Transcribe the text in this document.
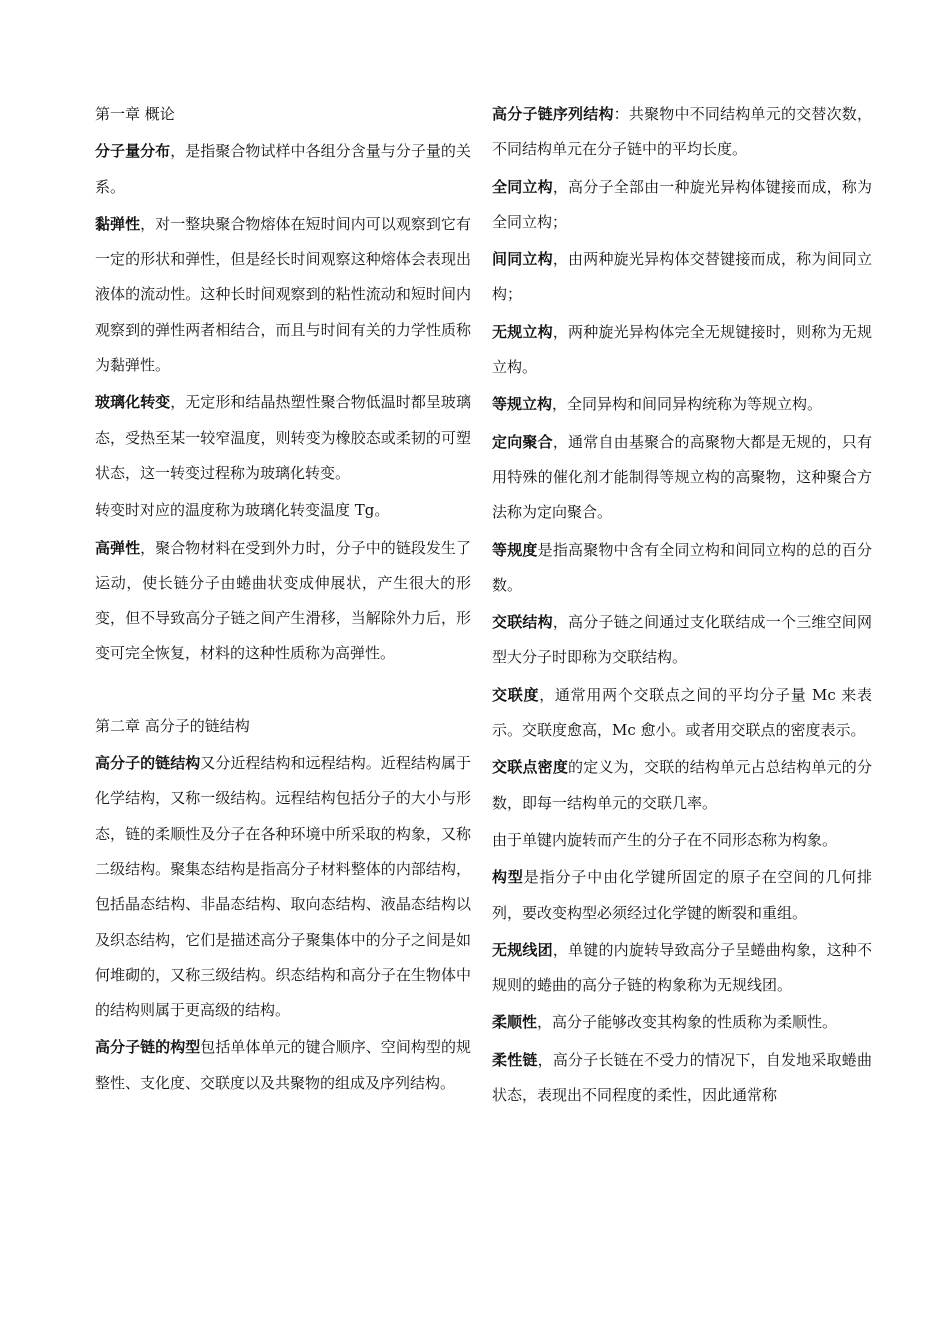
第一章 概论

分子量分布，是指聚合物试样中各组分含量与分子量的关系。

黏弹性，对一整块聚合物熔体在短时间内可以观察到它有一定的形状和弹性，但是经长时间观察这种熔体会表现出液体的流动性。这种长时间观察到的粘性流动和短时间内观察到的弹性两者相结合，而且与时间有关的力学性质称为黏弹性。

玻璃化转变，无定形和结晶热塑性聚合物低温时都呈玻璃态，受热至某一较窄温度，则转变为橡胶态或柔韧的可塑状态，这一转变过程称为玻璃化转变。

转变时对应的温度称为玻璃化转变温度 Tg。

高弹性，聚合物材料在受到外力时，分子中的链段发生了运动，使长链分子由蜷曲状变成伸展状，产生很大的形变，但不导致高分子链之间产生滑移，当解除外力后，形变可完全恢复，材料的这种性质称为高弹性。

第二章 高分子的链结构

高分子的链结构又分近程结构和远程结构。近程结构属于化学结构，又称一级结构。远程结构包括分子的大小与形态，链的柔顺性及分子在各种环境中所采取的构象，又称二级结构。聚集态结构是指高分子材料整体的内部结构，包括晶态结构、非晶态结构、取向态结构、液晶态结构以及织态结构，它们是描述高分子聚集体中的分子之间是如何堆砌的，又称三级结构。织态结构和高分子在生物体中的结构则属于更高级的结构。

高分子链的构型包括单体单元的键合顺序、空间构型的规整性、支化度、交联度以及共聚物的组成及序列结构。

高分子链序列结构：共聚物中不同结构单元的交替次数，不同结构单元在分子链中的平均长度。

全同立构，高分子全部由一种旋光异构体键接而成，称为全同立构；

间同立构，由两种旋光异构体交替键接而成，称为间同立构；

无规立构，两种旋光异构体完全无规键接时，则称为无规立构。

等规立构，全同异构和间同异构统称为等规立构。

定向聚合，通常自由基聚合的高聚物大都是无规的，只有用特殊的催化剂才能制得等规立构的高聚物，这种聚合方法称为定向聚合。

等规度是指高聚物中含有全同立构和间同立构的总的百分数。

交联结构，高分子链之间通过支化联结成一个三维空间网型大分子时即称为交联结构。

交联度，通常用两个交联点之间的平均分子量 Mc 来表示。交联度愈高，Mc 愈小。或者用交联点的密度表示。

交联点密度的定义为，交联的结构单元占总结构单元的分数，即每一结构单元的交联几率。

由于单键内旋转而产生的分子在不同形态称为构象。

构型是指分子中由化学键所固定的原子在空间的几何排列，要改变构型必须经过化学键的断裂和重组。

无规线团，单键的内旋转导致高分子呈蜷曲构象，这种不规则的蜷曲的高分子链的构象称为无规线团。

柔顺性，高分子能够改变其构象的性质称为柔顺性。

柔性链，高分子长链在不受力的情况下，自发地采取蜷曲状态，表现出不同程度的柔性，因此通常称
